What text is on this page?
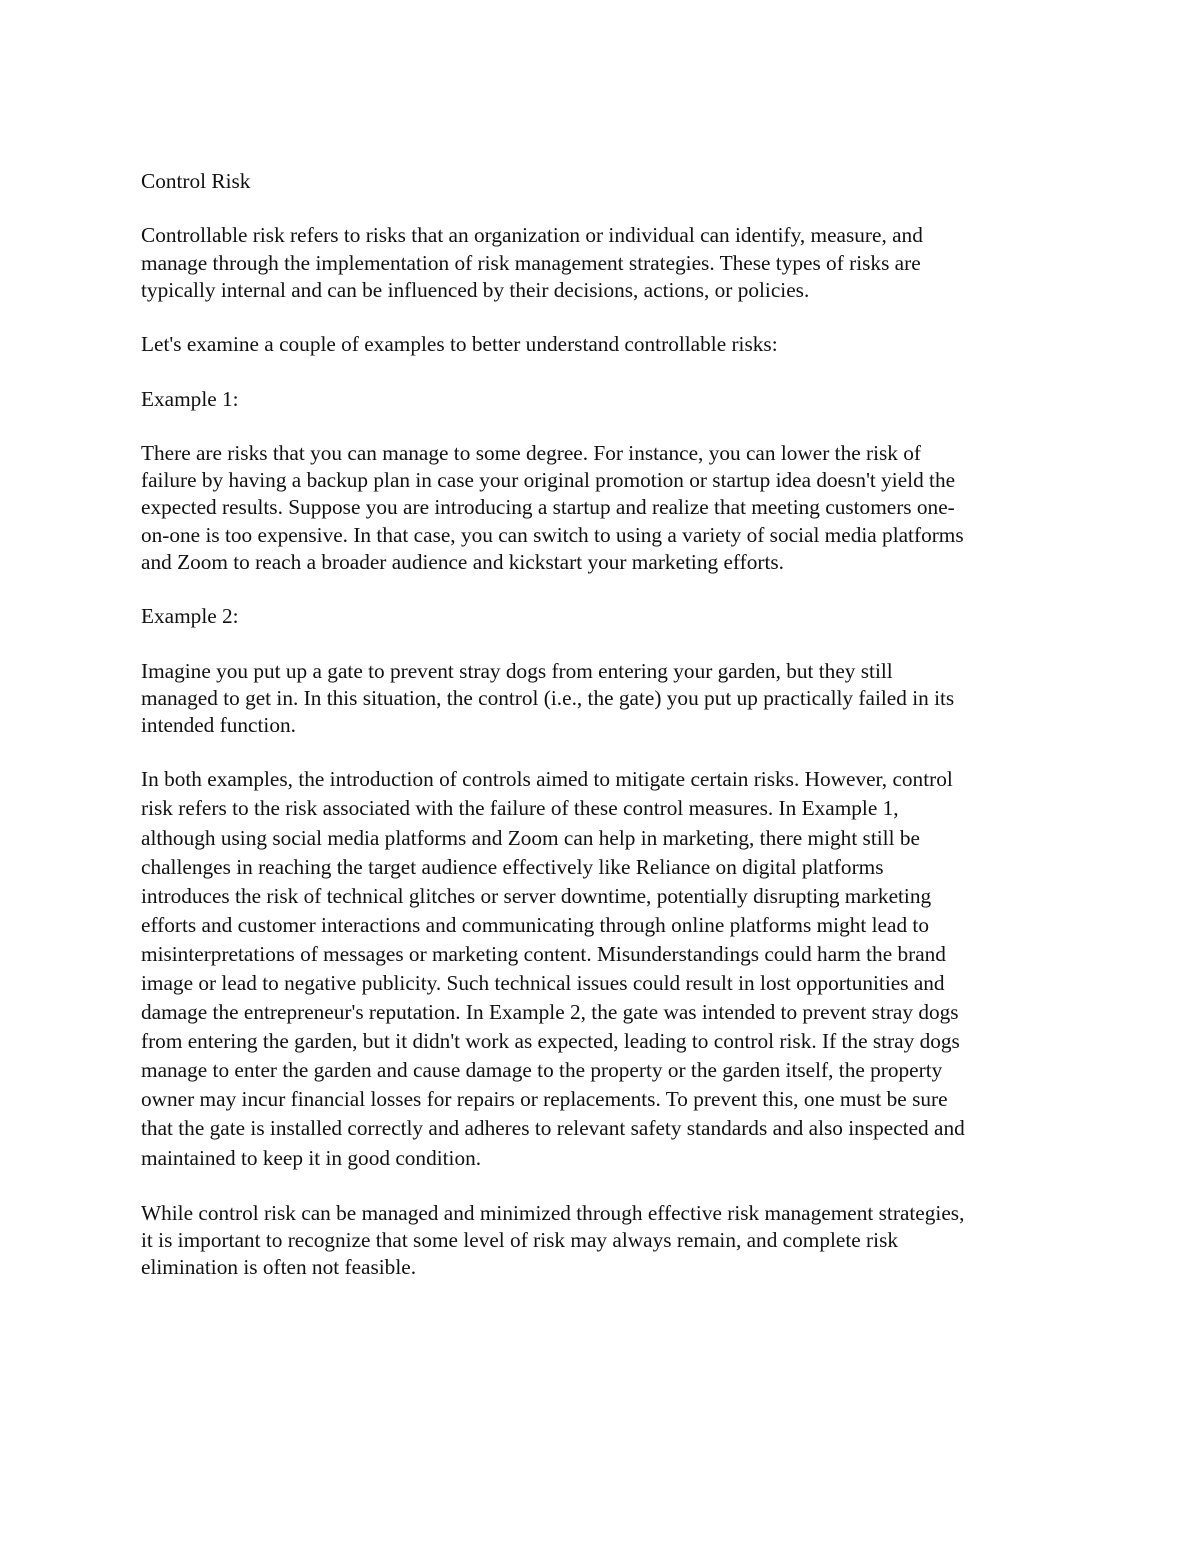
Control Risk

Controllable risk refers to risks that an organization or individual can identify, measure, and
manage through the implementation of risk management strategies. These types of risks are
typically internal and can be influenced by their decisions, actions, or policies.

Let's examine a couple of examples to better understand controllable risks:

Example 1:

There are risks that you can manage to some degree. For instance, you can lower the risk of
failure by having a backup plan in case your original promotion or startup idea doesn't yield the
expected results. Suppose you are introducing a startup and realize that meeting customers one-
on-one is too expensive. In that case, you can switch to using a variety of social media platforms
and Zoom to reach a broader audience and kickstart your marketing efforts.

Example 2:

Imagine you put up a gate to prevent stray dogs from entering your garden, but they still
managed to get in. In this situation, the control (i.e., the gate) you put up practically failed in its
intended function.

In both examples, the introduction of controls aimed to mitigate certain risks. However, control
risk refers to the risk associated with the failure of these control measures. In Example 1,
although using social media platforms and Zoom can help in marketing, there might still be
challenges in reaching the target audience effectively like Reliance on digital platforms
introduces the risk of technical glitches or server downtime, potentially disrupting marketing
efforts and customer interactions and communicating through online platforms might lead to
misinterpretations of messages or marketing content. Misunderstandings could harm the brand
image or lead to negative publicity. Such technical issues could result in lost opportunities and
damage the entrepreneur's reputation. In Example 2, the gate was intended to prevent stray dogs
from entering the garden, but it didn't work as expected, leading to control risk. If the stray dogs
manage to enter the garden and cause damage to the property or the garden itself, the property
owner may incur financial losses for repairs or replacements. To prevent this, one must be sure
that the gate is installed correctly and adheres to relevant safety standards and also inspected and
maintained to keep it in good condition.

While control risk can be managed and minimized through effective risk management strategies,
it is important to recognize that some level of risk may always remain, and complete risk
elimination is often not feasible.
